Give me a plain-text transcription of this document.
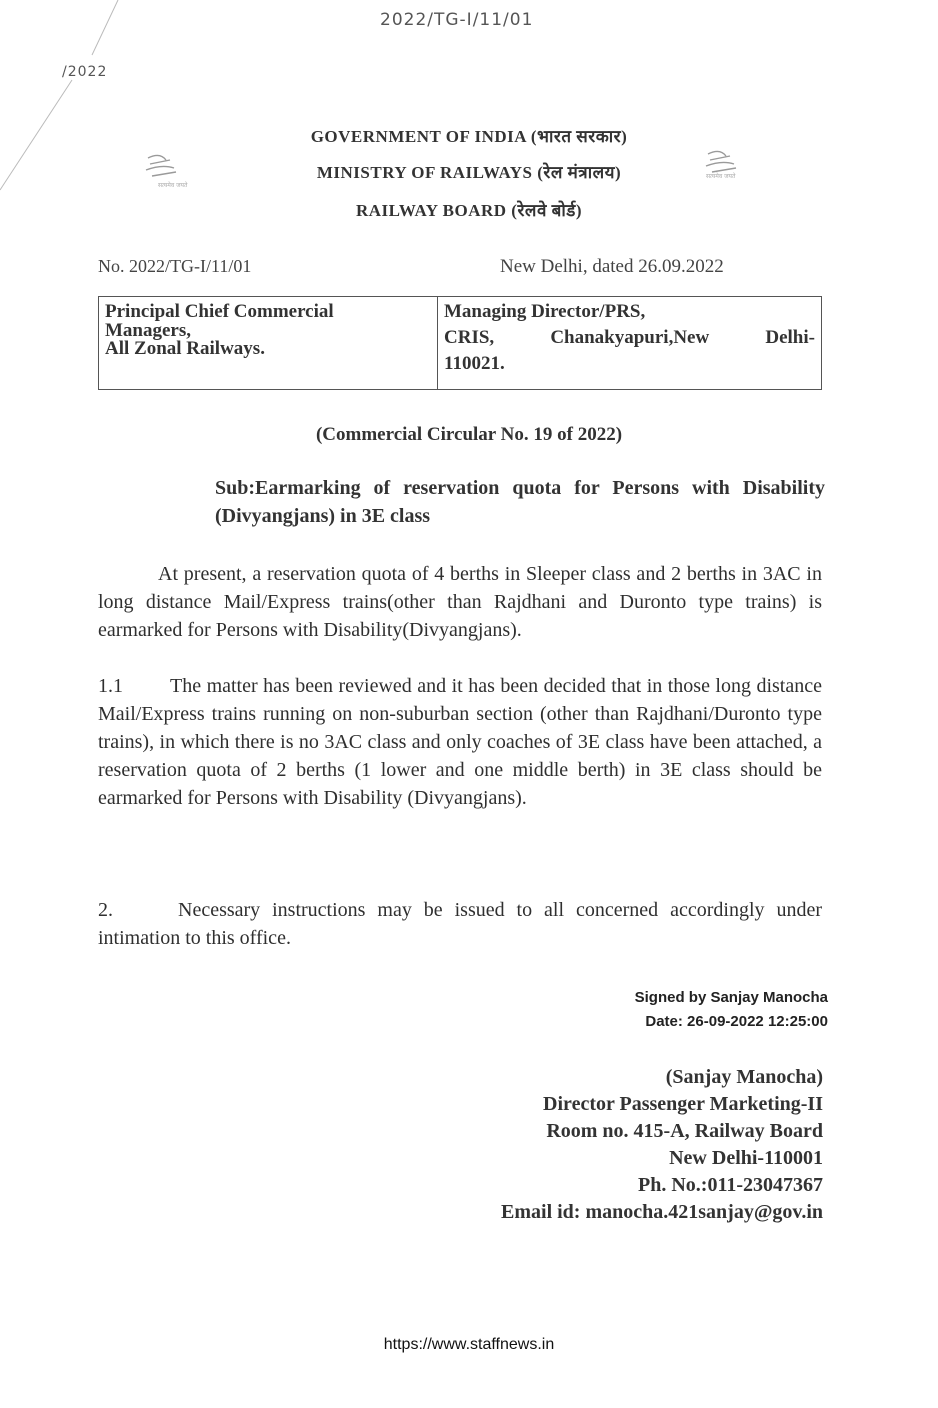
2022/TG-I/11/01
/2022
सत्यमेव जयते
सत्यमेव जयते
GOVERNMENT OF INDIA (भारत सरकार)
MINISTRY OF RAILWAYS (रेल मंत्रालय)
RAILWAY BOARD (रेलवे बोर्ड)
No. 2022/TG-I/11/01	New Delhi, dated 26.09.2022
Principal Chief Commercial
Managers,
All Zonal Railways.

Managing Director/PRS,
CRIS,	Chanakyapuri,New	Delhi-
110021.
(Commercial Circular No. 19 of 2022)
Sub:Earmarking of reservation quota for Persons with Disability (Divyangjans) in 3E class
At present, a reservation quota of 4 berths in Sleeper class and 2 berths in 3AC in long distance Mail/Express trains(other than Rajdhani and Duronto type trains) is earmarked for Persons with Disability(Divyangjans).
1.1 The matter has been reviewed and it has been decided that in those long distance Mail/Express trains running on non-suburban section (other than Rajdhani/Duronto type trains), in which there is no 3AC class and only coaches of 3E class have been attached, a reservation quota of 2 berths (1 lower and one middle berth) in 3E class should be earmarked for Persons with Disability (Divyangjans).
2.	Necessary instructions may be issued to all concerned accordingly under intimation to this office.
Signed by Sanjay Manocha
Date: 26-09-2022 12:25:00
(Sanjay Manocha)
Director Passenger Marketing-II
Room no. 415-A, Railway Board
New Delhi-110001
Ph. No.:011-23047367
Email id: manocha.421sanjay@gov.in
https://www.staffnews.in
